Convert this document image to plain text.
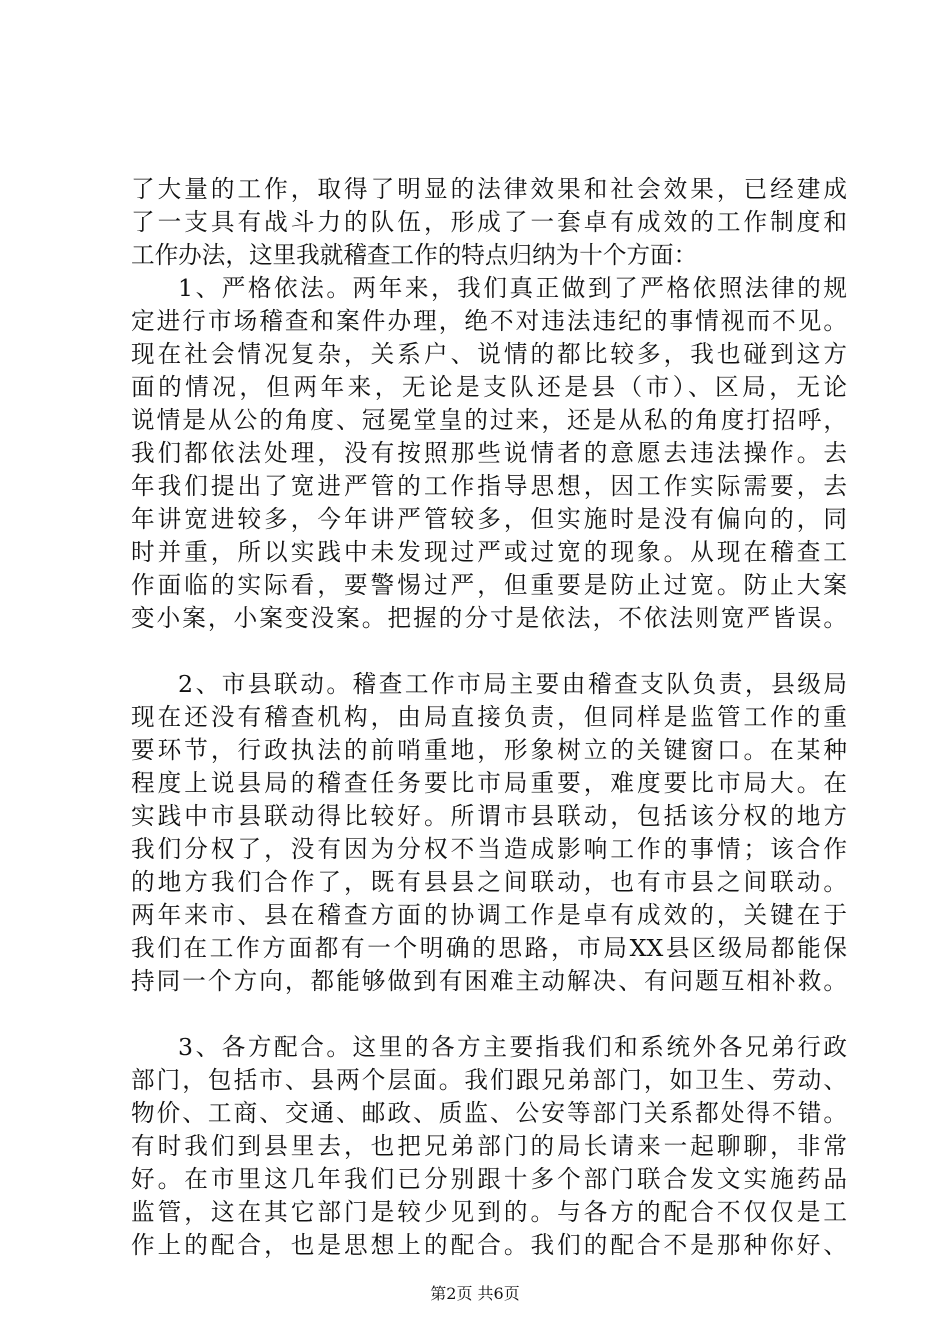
了大量的工作，取得了明显的法律效果和社会效果，已经建成
了一支具有战斗力的队伍，形成了一套卓有成效的工作制度和
工作办法，这里我就稽查工作的特点归纳为十个方面：
1、严格依法。两年来，我们真正做到了严格依照法律的规
定进行市场稽查和案件办理，绝不对违法违纪的事情视而不见。
现在社会情况复杂，关系户、说情的都比较多，我也碰到这方
面的情况，但两年来，无论是支队还是县（市）、区局，无论
说情是从公的角度、冠冕堂皇的过来，还是从私的角度打招呼，
我们都依法处理，没有按照那些说情者的意愿去违法操作。去
年我们提出了宽进严管的工作指导思想，因工作实际需要，去
年讲宽进较多，今年讲严管较多，但实施时是没有偏向的，同
时并重，所以实践中未发现过严或过宽的现象。从现在稽查工
作面临的实际看，要警惕过严，但重要是防止过宽。防止大案
变小案，小案变没案。把握的分寸是依法，不依法则宽严皆误。
2、市县联动。稽查工作市局主要由稽查支队负责，县级局
现在还没有稽查机构，由局直接负责，但同样是监管工作的重
要环节，行政执法的前哨重地，形象树立的关键窗口。在某种
程度上说县局的稽查任务要比市局重要，难度要比市局大。在
实践中市县联动得比较好。所谓市县联动，包括该分权的地方
我们分权了，没有因为分权不当造成影响工作的事情；该合作
的地方我们合作了，既有县县之间联动，也有市县之间联动。
两年来市、县在稽查方面的协调工作是卓有成效的，关键在于
我们在工作方面都有一个明确的思路，市局XX县区级局都能保
持同一个方向，都能够做到有困难主动解决、有问题互相补救。
3、各方配合。这里的各方主要指我们和系统外各兄弟行政
部门，包括市、县两个层面。我们跟兄弟部门，如卫生、劳动、
物价、工商、交通、邮政、质监、公安等部门关系都处得不错。
有时我们到县里去，也把兄弟部门的局长请来一起聊聊，非常
好。在市里这几年我们已分别跟十多个部门联合发文实施药品
监管，这在其它部门是较少见到的。与各方的配合不仅仅是工
作上的配合，也是思想上的配合。我们的配合不是那种你好、
第2页 共6页
